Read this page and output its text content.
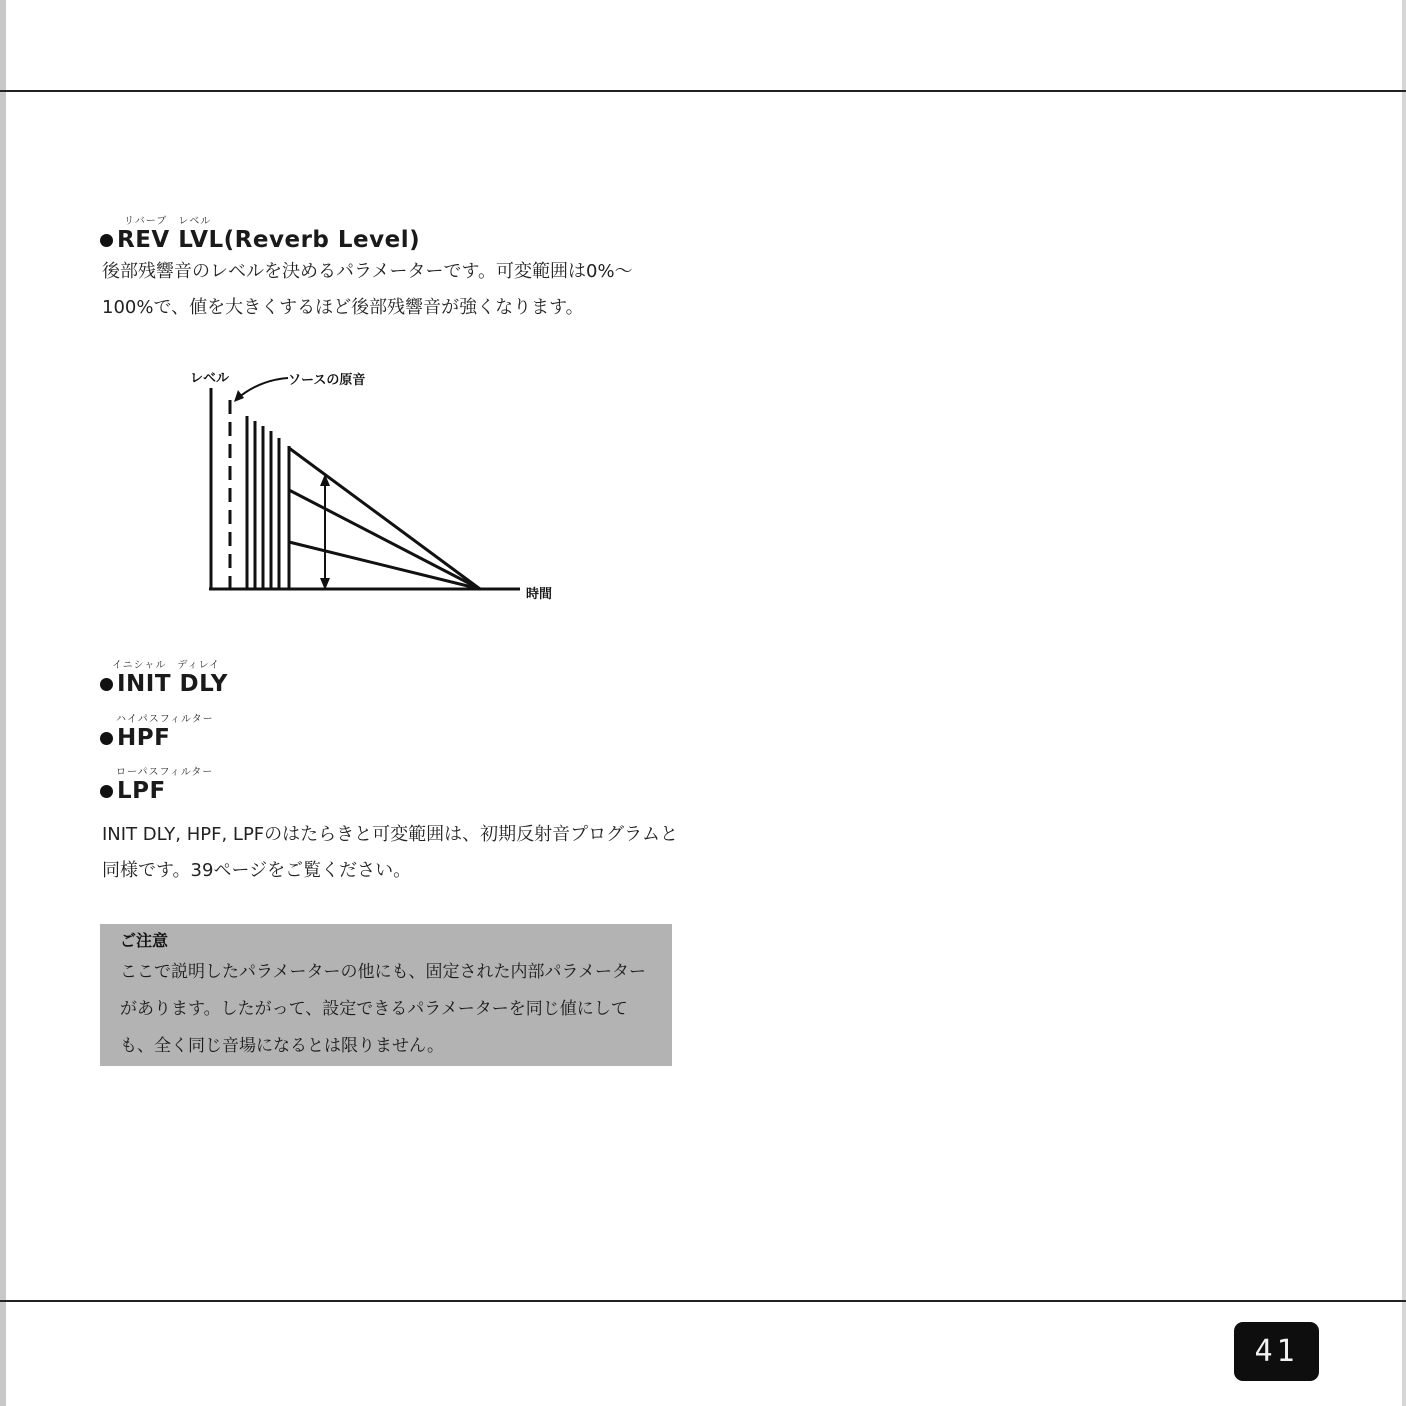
リバーブ　レベル
REV LVL(Reverb Level)
後部残響音のレベルを決めるパラメーターです。可変範囲は0%〜100%で、値を大きくするほど後部残響音が強くなります。
レベル	ソースの原音
時間
イニシャル　ディレイ
INIT DLY
ハイパスフィルター
HPF
ローパスフィルター
LPF
INIT DLY, HPF, LPFのはたらきと可変範囲は、初期反射音プログラムと同様です。39ページをご覧ください。
ご注意
ここで説明したパラメーターの他にも、固定された内部パラメーターがあります。したがって、設定できるパラメーターを同じ値にしても、全く同じ音場になるとは限りません。
41
